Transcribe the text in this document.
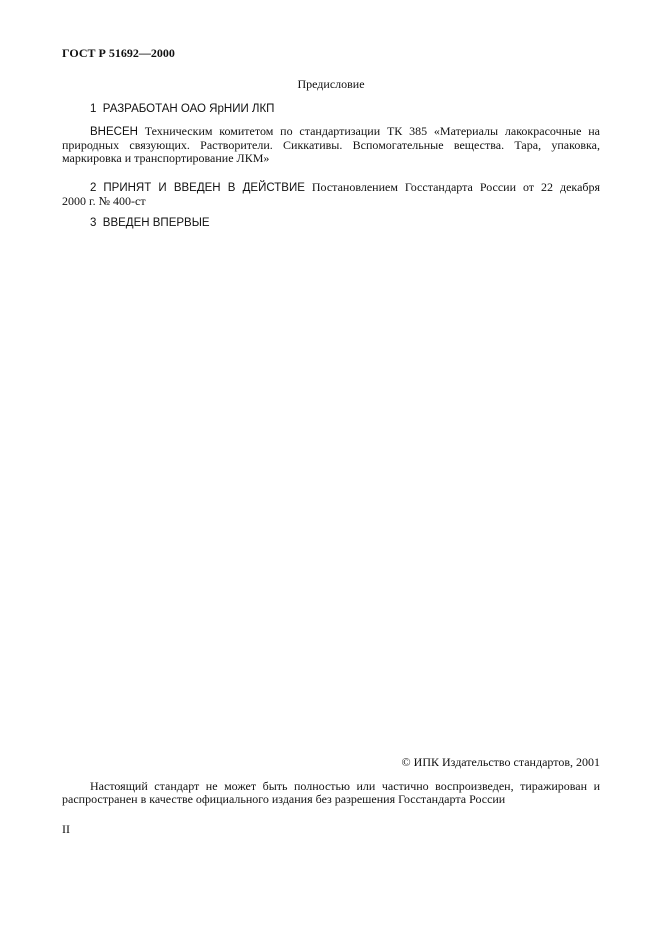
ГОСТ Р 51692—2000
Предисловие
1 РАЗРАБОТАН ОАО ЯрНИИ ЛКП
ВНЕСЕН Техническим комитетом по стандартизации ТК 385 «Материалы лакокрасочные на
природных связующих. Растворители. Сиккативы. Вспомогательные вещества. Тара, упаковка,
маркировка и транспортирование ЛКМ»
2 ПРИНЯТ И ВВЕДЕН В ДЕЙСТВИЕ Постановлением Госстандарта России от 22 декабря
2000 г. № 400-ст
3 ВВЕДЕН ВПЕРВЫЕ
© ИПК Издательство стандартов, 2001
Настоящий стандарт не может быть полностью или частично воспроизведен, тиражирован и
распространен в качестве официального издания без разрешения Госстандарта России
II
